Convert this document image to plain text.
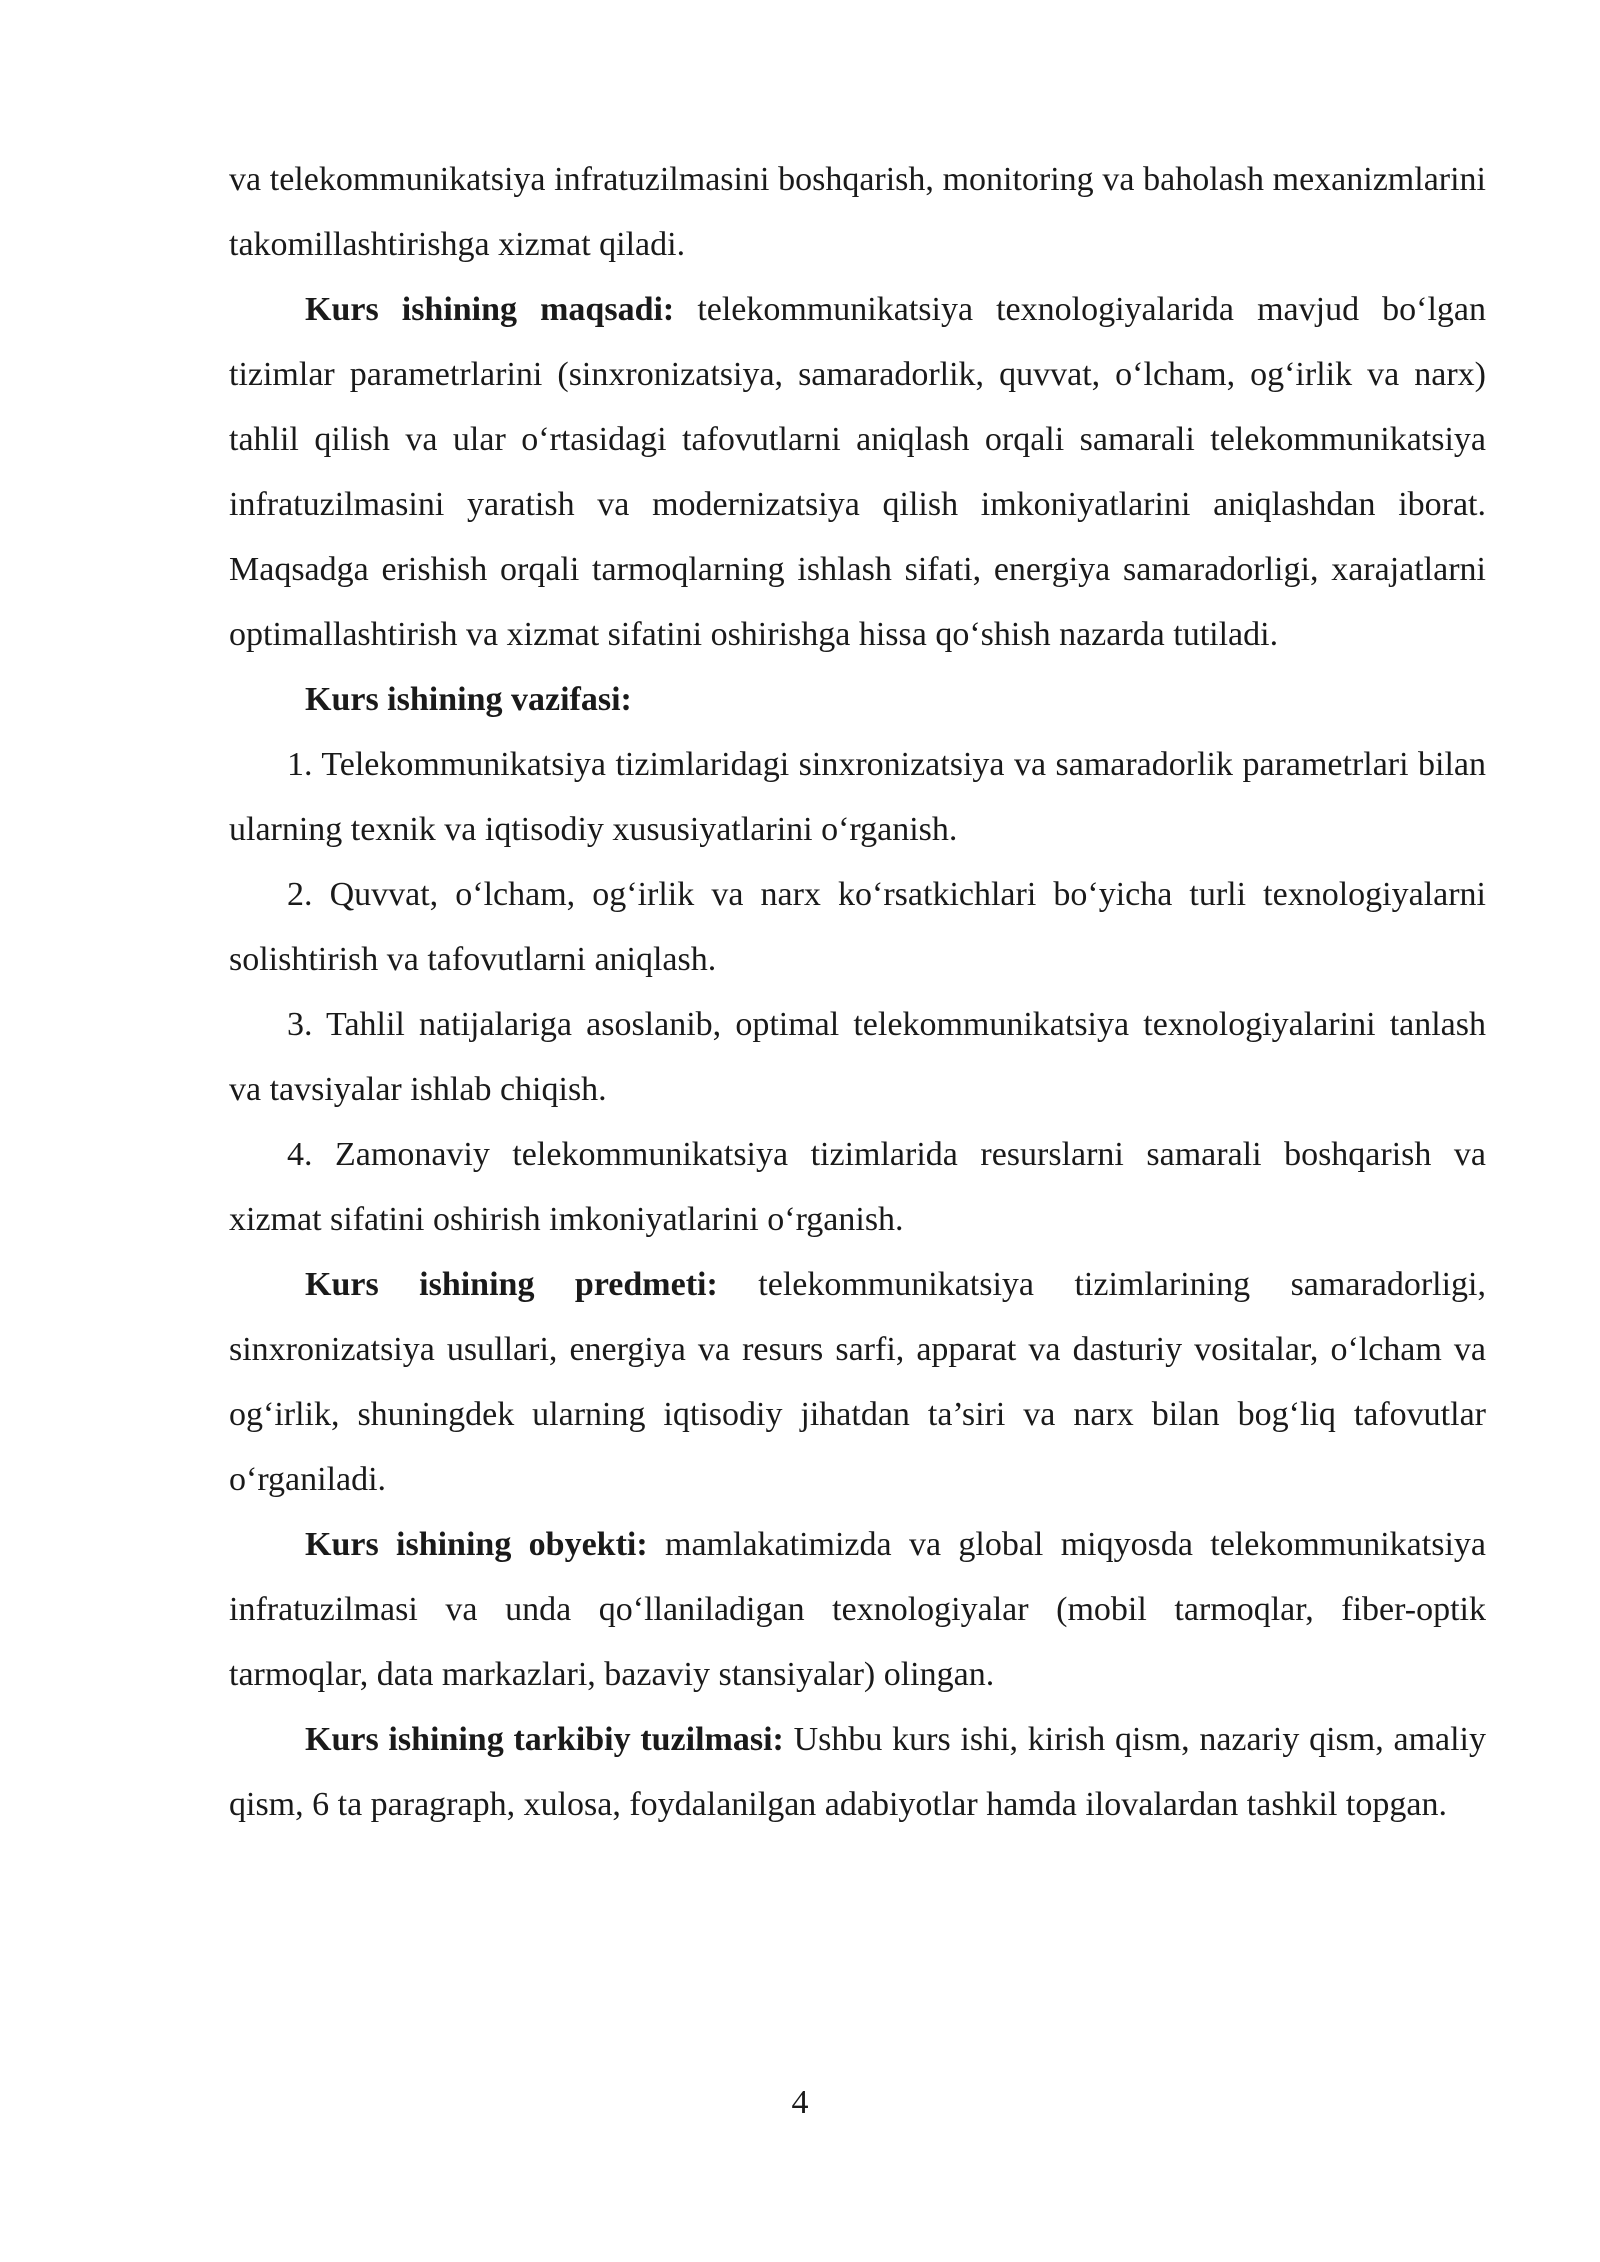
va telekommunikatsiya infratuzilmasini boshqarish, monitoring va baholash mexanizmlarini takomillashtirishga xizmat qiladi.

Kurs ishining maqsadi: telekommunikatsiya texnologiyalarida mavjud bo‘lgan tizimlar parametrlarini (sinxronizatsiya, samaradorlik, quvvat, o‘lcham, og‘irlik va narx) tahlil qilish va ular o‘rtasidagi tafovutlarni aniqlash orqali samarali telekommunikatsiya infratuzilmasini yaratish va modernizatsiya qilish imkoniyatlarini aniqlashdan iborat. Maqsadga erishish orqali tarmoqlarning ishlash sifati, energiya samaradorligi, xarajatlarni optimallashtirish va xizmat sifatini oshirishga hissa qo‘shish nazarda tutiladi.

Kurs ishining vazifasi:

1. Telekommunikatsiya tizimlaridagi sinxronizatsiya va samaradorlik parametrlari bilan ularning texnik va iqtisodiy xususiyatlarini o‘rganish.

2. Quvvat, o‘lcham, og‘irlik va narx ko‘rsatkichlari bo‘yicha turli texnologiyalarni solishtirish va tafovutlarni aniqlash.

3. Tahlil natijalariga asoslanib, optimal telekommunikatsiya texnologiyalarini tanlash va tavsiyalar ishlab chiqish.

4. Zamonaviy telekommunikatsiya tizimlarida resurslarni samarali boshqarish va xizmat sifatini oshirish imkoniyatlarini o‘rganish.

Kurs ishining predmeti: telekommunikatsiya tizimlarining samaradorligi, sinxronizatsiya usullari, energiya va resurs sarfi, apparat va dasturiy vositalar, o‘lcham va og‘irlik, shuningdek ularning iqtisodiy jihatdan ta’siri va narx bilan bog‘liq tafovutlar o‘rganiladi.

Kurs ishining obyekti: mamlakatimizda va global miqyosda telekommunikatsiya infratuzilmasi va unda qo‘llaniladigan texnologiyalar (mobil tarmoqlar, fiber-optik tarmoqlar, data markazlari, bazaviy stansiyalar) olingan.

Kurs ishining tarkibiy tuzilmasi: Ushbu kurs ishi, kirish qism, nazariy qism, amaliy qism, 6 ta paragraph, xulosa, foydalanilgan adabiyotlar hamda ilovalardan tashkil topgan.

4
